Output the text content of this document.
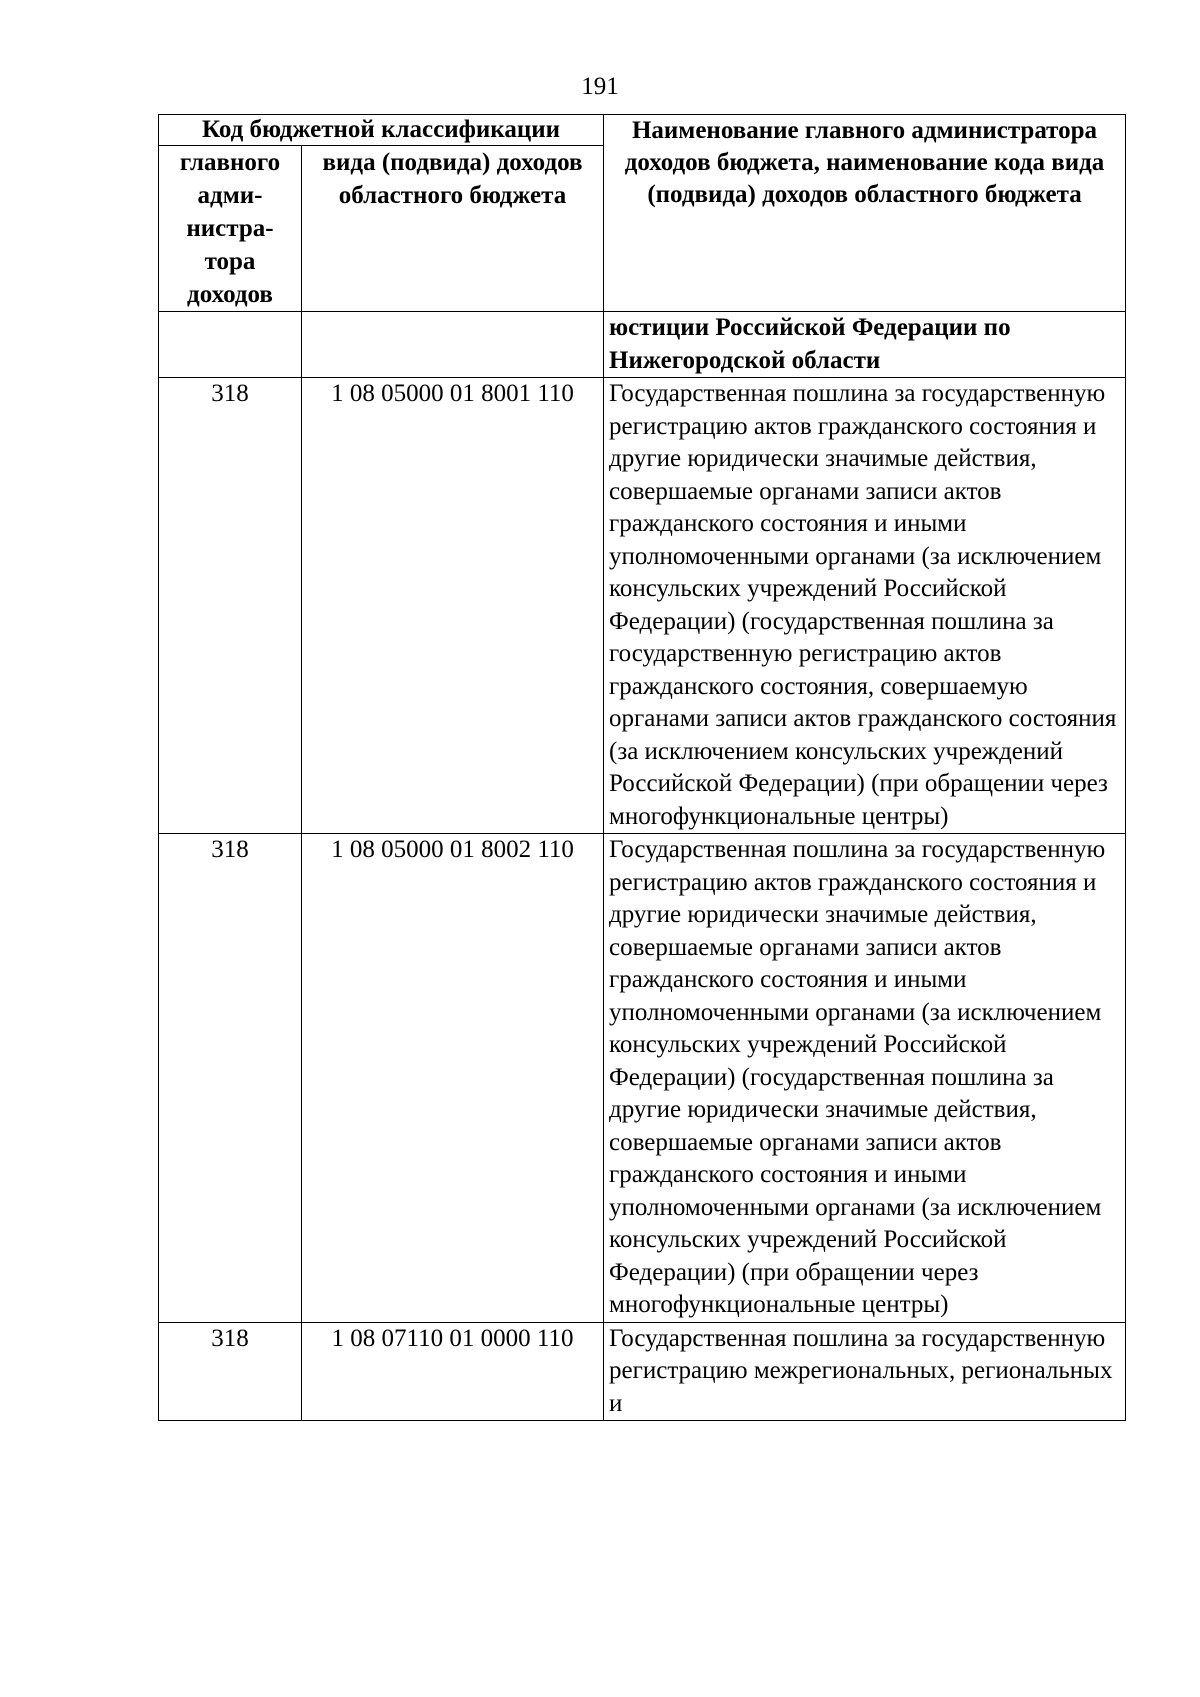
191
Код бюджетной классификации		Наименование главного администратора доходов бюджета, наименование кода вида (подвида) доходов областного бюджета
главного адми-нистра-тора доходов	вида (подвида) доходов областного бюджета	
		юстиции Российской Федерации по Нижегородской области
318	1 08 05000 01 8001 110	Государственная пошлина за государственную регистрацию актов гражданского состояния и другие юридически значимые действия, совершаемые органами записи актов гражданского состояния и иными уполномоченными органами (за исключением консульских учреждений Российской Федерации) (государственная пошлина за государственную регистрацию актов гражданского состояния, совершаемую органами записи актов гражданского состояния (за исключением консульских учреждений Российской Федерации) (при обращении через многофункциональные центры)
318	1 08 05000 01 8002 110	Государственная пошлина за государственную регистрацию актов гражданского состояния и другие юридически значимые действия, совершаемые органами записи актов гражданского состояния и иными уполномоченными органами (за исключением консульских учреждений Российской Федерации) (государственная пошлина за другие юридически значимые действия, совершаемые органами записи актов гражданского состояния и иными уполномоченными органами (за исключением консульских учреждений Российской Федерации) (при обращении через многофункциональные центры)
318	1 08 07110 01 0000 110	Государственная пошлина за государственную регистрацию межрегиональных, региональных и
